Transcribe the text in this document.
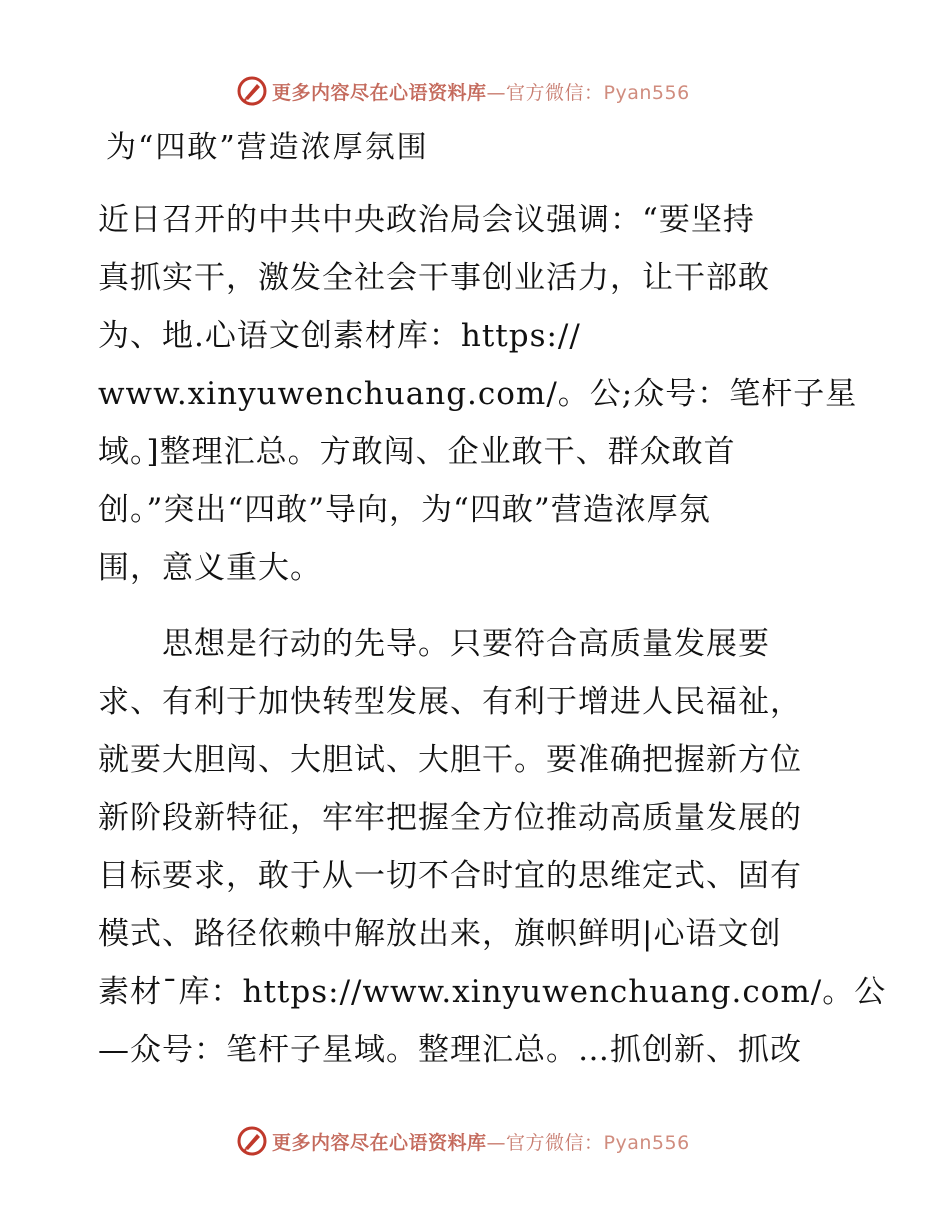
更多内容尽在心语资料库—官方微信：Pyan556
为“四敢”营造浓厚氛围
近日召开的中共中央政治局会议强调：“要坚持
真抓实干，激发全社会干事创业活力，让干部敢
为、地.心语文创素材库：https://
www.xinyuwenchuang.com/。公;众号：笔杆子星
域。]整理汇总。方敢闯、企业敢干、群众敢首
创。”突出“四敢”导向，为“四敢”营造浓厚氛
围，意义重大。
　　思想是行动的先导。只要符合高质量发展要
求、有利于加快转型发展、有利于增进人民福祉，
就要大胆闯、大胆试、大胆干。要准确把握新方位
新阶段新特征，牢牢把握全方位推动高质量发展的
目标要求，敢于从一切不合时宜的思维定式、固有
模式、路径依赖中解放出来，旗帜鲜明|心语文创
素材¯库：https://www.xinyuwenchuang.com/。公
—众号：笔杆子星域。整理汇总。…抓创新、抓改
更多内容尽在心语资料库—官方微信：Pyan556
